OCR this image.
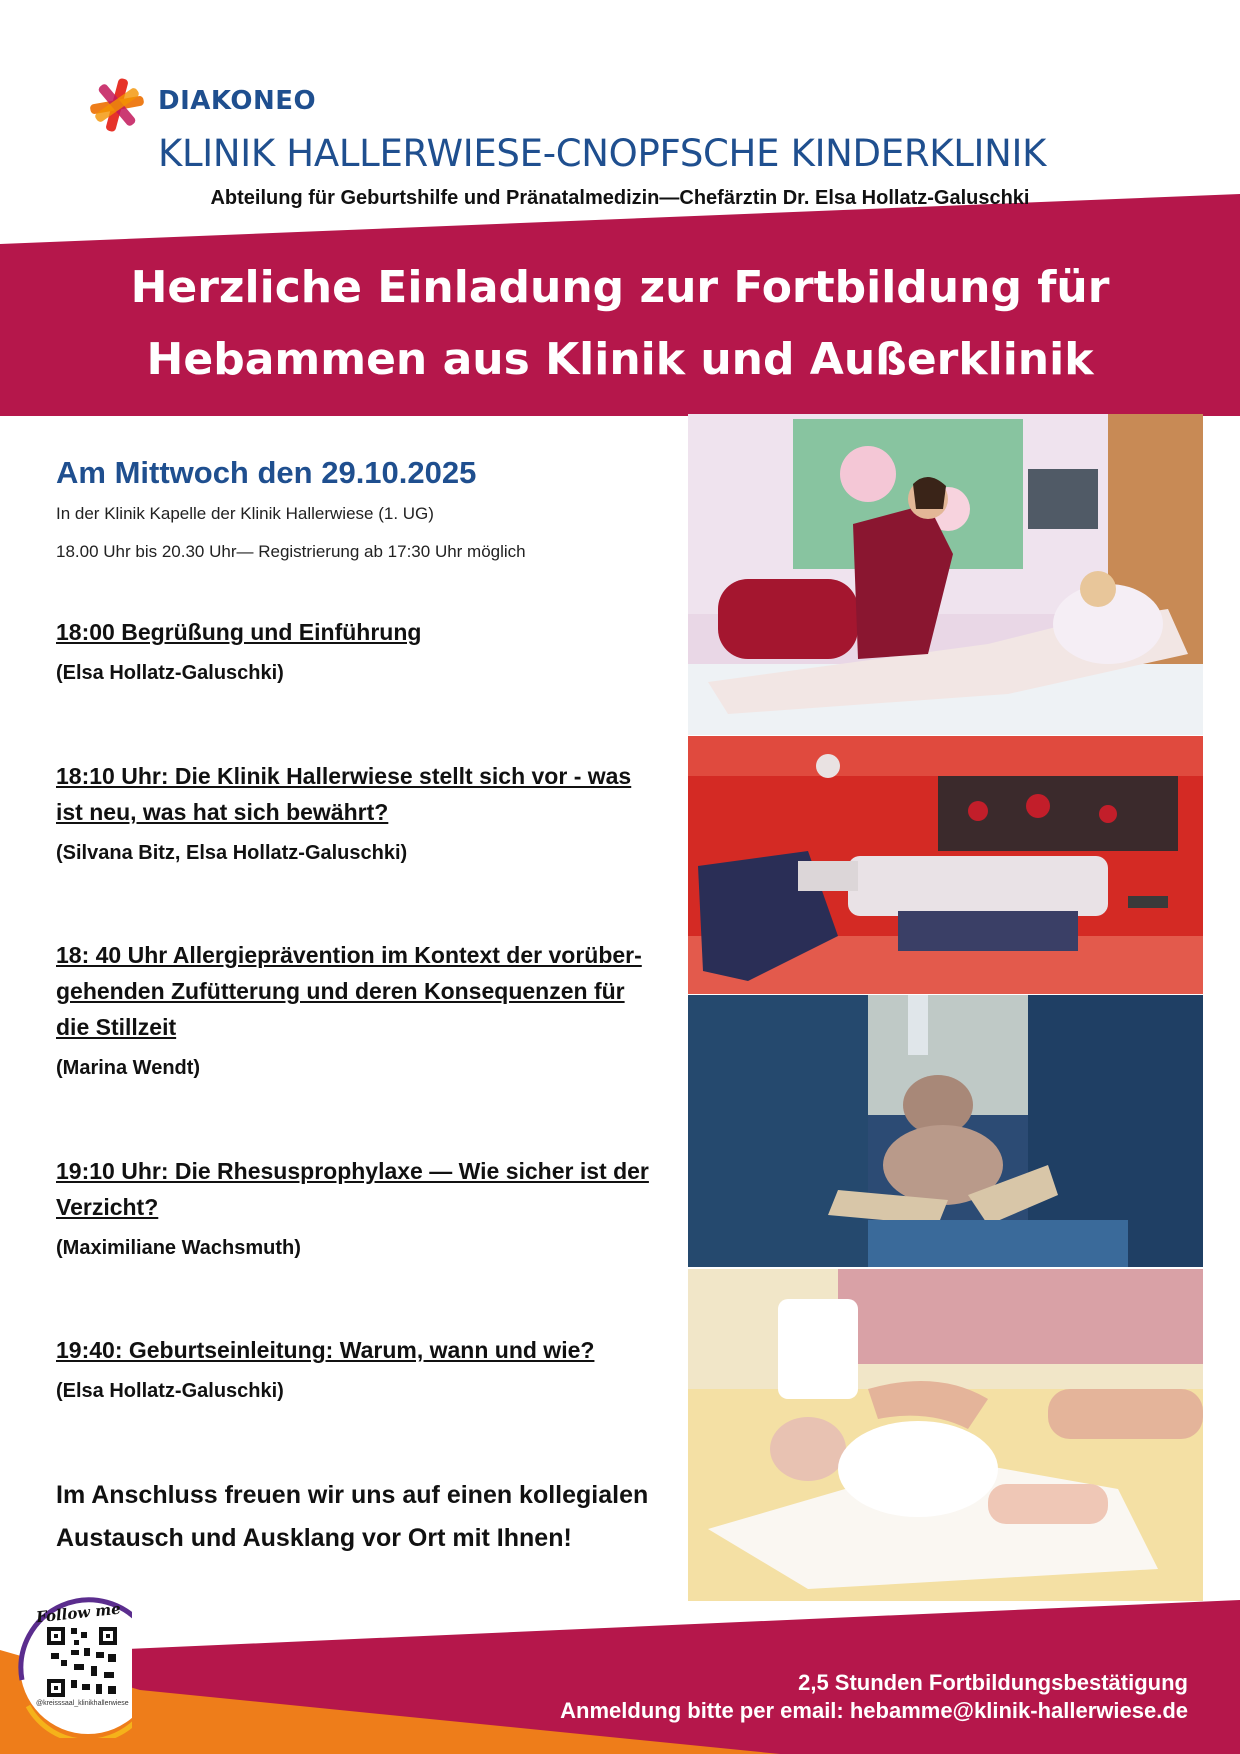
DIAKONEO
KLINIK HALLERWIESE-CNOPFSCHE KINDERKLINIK
Abteilung für Geburtshilfe und Pränatalmedizin—Chefärztin Dr. Elsa Hollatz-Galuschki
Herzliche Einladung zur Fortbildung für
Hebammen aus Klinik und Außerklinik
Am Mittwoch den 29.10.2025
In der Klinik Kapelle der Klinik Hallerwiese (1. UG)
18.00 Uhr bis 20.30 Uhr— Registrierung ab 17:30 Uhr möglich
18:00 Begrüßung und Einführung
(Elsa Hollatz-Galuschki)
18:10 Uhr: Die Klinik Hallerwiese stellt sich vor - was
ist neu, was hat sich bewährt?
(Silvana Bitz, Elsa Hollatz-Galuschki)
18: 40 Uhr Allergieprävention im Kontext der vorüber-
gehenden Zufütterung und deren Konsequenzen für
die Stillzeit
(Marina Wendt)
19:10 Uhr: Die Rhesusprophylaxe — Wie sicher ist der
Verzicht?
(Maximiliane Wachsmuth)
19:40: Geburtseinleitung: Warum, wann und wie?
(Elsa Hollatz-Galuschki)
Im Anschluss freuen wir uns auf einen kollegialen
Austausch und Ausklang vor Ort mit Ihnen!
Follow me
@kreisssaal_klinikhallerwiese
2,5 Stunden Fortbildungsbestätigung
Anmeldung bitte per email: hebamme@klinik-hallerwiese.de
